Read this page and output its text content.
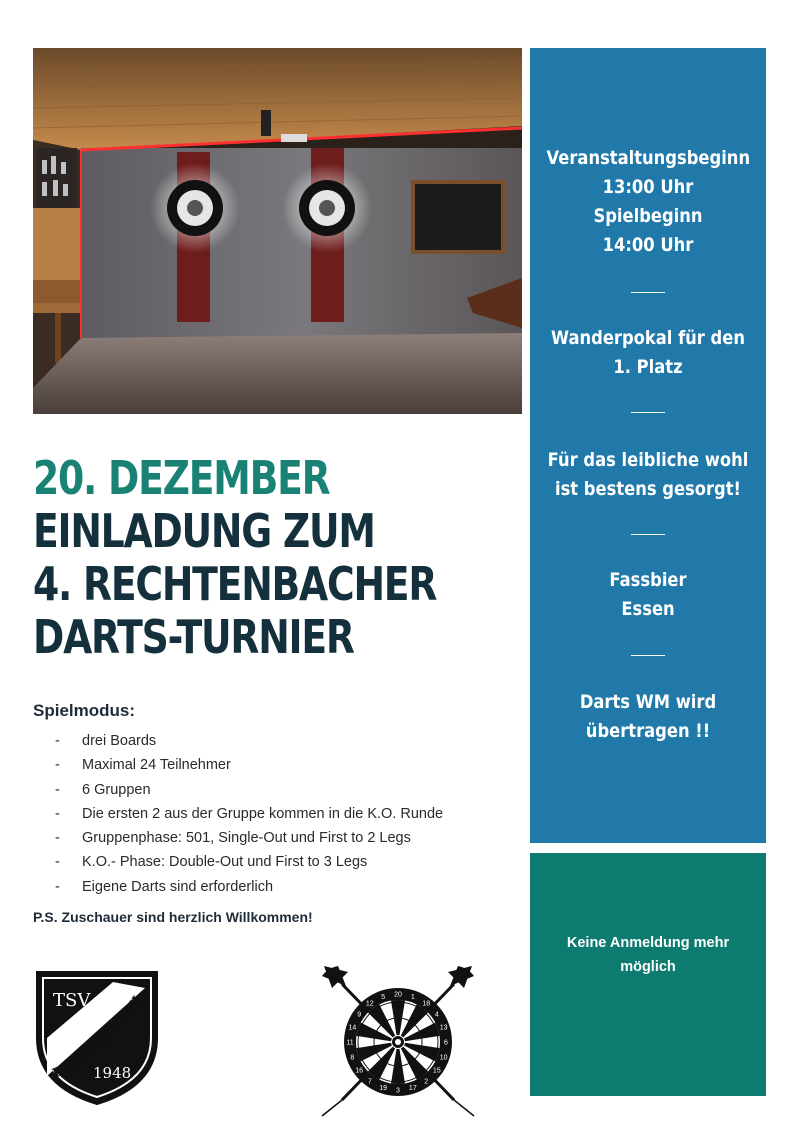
20. DEZEMBER
EINLADUNG ZUM
4. RECHTENBACHER
DARTS-TURNIER
Spielmodus:
- drei Boards
- Maximal 24 Teilnehmer
- 6 Gruppen
- Die ersten 2 aus der Gruppe kommen in die K.O. Runde
- Gruppenphase: 501, Single-Out und First to 2 Legs
- K.O.- Phase: Double-Out und First to 3 Legs
- Eigene Darts sind erforderlich
P.S. Zuschauer sind herzlich Willkommen!
TSV
RECHTENBACH
1948
20 1
18
4
13
6
10
15
2
17
3
19
7
16
8
11
14
9
12
5
Veranstaltungsbeginn
13:00 Uhr
Spielbeginn
14:00 Uhr
Wanderpokal für den
1. Platz
Für das leibliche wohl
ist bestens gesorgt!
Fassbier
Essen
Darts WM wird
übertragen !!
Keine Anmeldung mehr
möglich
